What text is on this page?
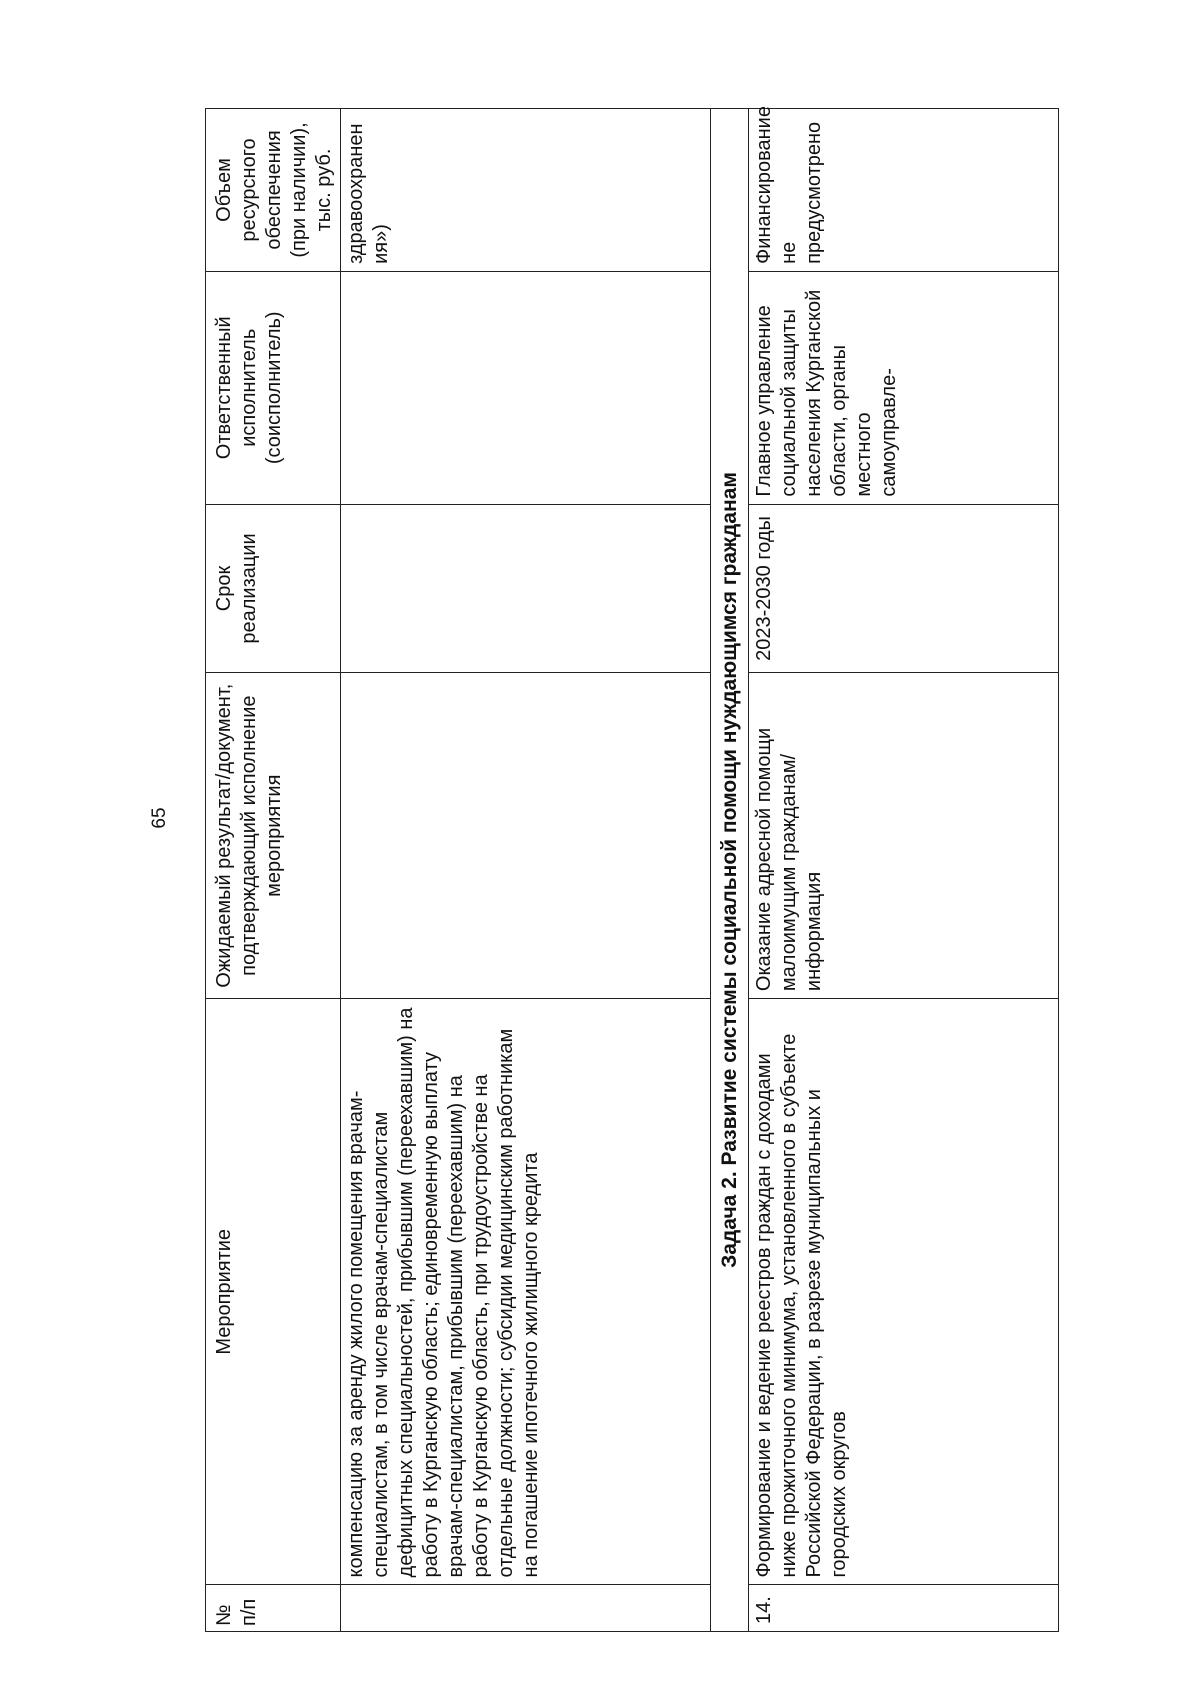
65
№ п/п	Мероприятие	Ожидаемый результат/документ, подтверждающий исполнение мероприятия	Срок реализации	Ответственный исполнитель (соисполнитель)	Объем ресурсного обеспечения (при наличии), тыс. руб.
	компенсацию за аренду жилого помещения врачам-специалистам, в том числе врачам-специалистам дефицитных специальностей, прибывшим (переехавшим) на работу в Курганскую область; единовременную выплату врачам-специалистам, прибывшим (переехавшим) на работу в Курганскую область, при трудоустройстве на отдельные должности; субсидии медицинским работникам на погашение ипотечного жилищного кредита				здравоохранения»)
Задача 2. Развитие системы социальной помощи нуждающимся гражданам					
14.	Формирование и ведение реестров граждан с доходами ниже прожиточного минимума, установленного в субъекте Российской Федерации, в разрезе муниципальных и городских округов	Оказание адресной помощи малоимущим гражданам/ информация	2023-2030 годы	Главное управление социальной защиты населения Курганской области, органы местного самоуправле-	Финансирование не предусмотрено
